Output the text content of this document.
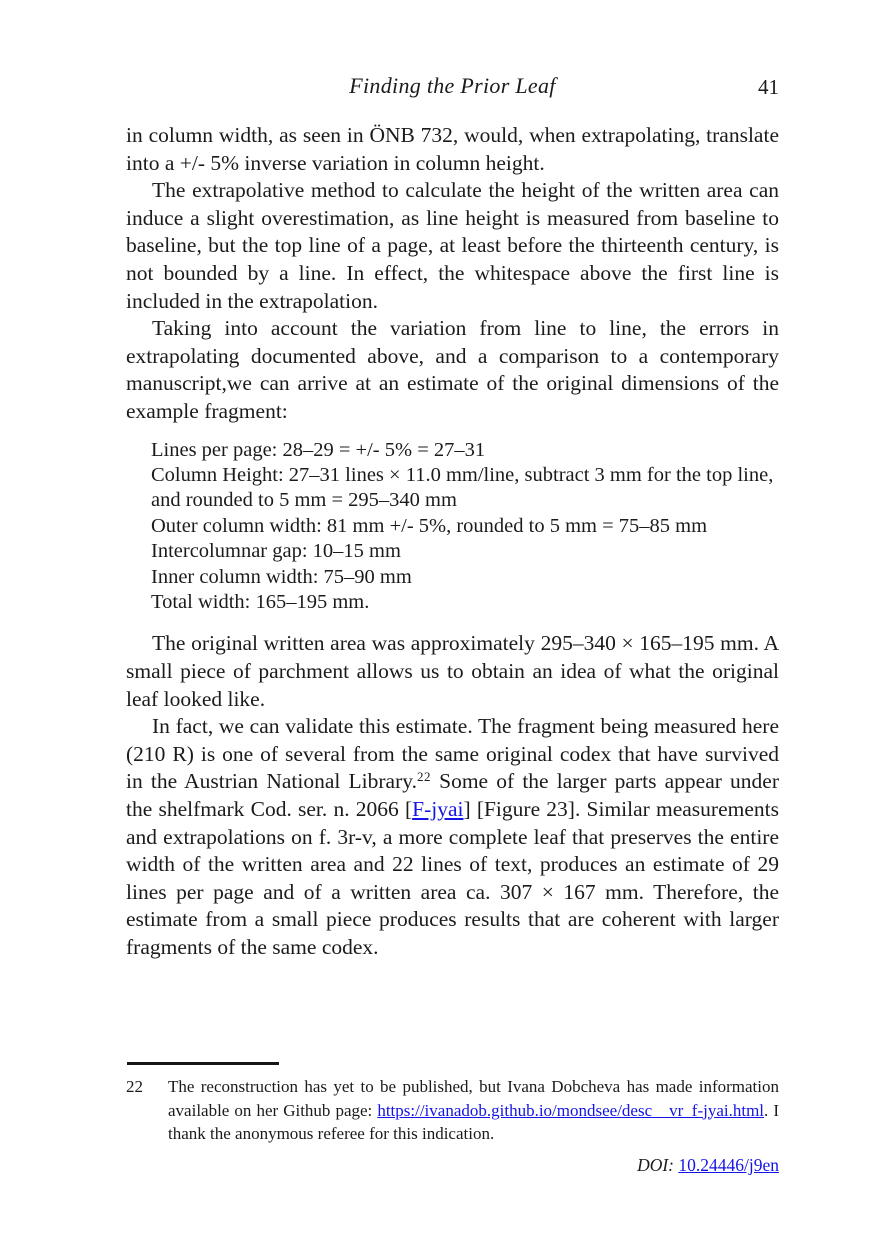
Finding the Prior Leaf	41

in column width, as seen in ÖNB 732, would, when extrapolating, translate into a +/- 5% inverse variation in column height.

The extrapolative method to calculate the height of the written area can induce a slight overestimation, as line height is measured from baseline to baseline, but the top line of a page, at least before the thirteenth century, is not bounded by a line. In effect, the whitespace above the first line is included in the extrapolation.

Taking into account the variation from line to line, the errors in extrapolating documented above, and a comparison to a contemporary manuscript,we can arrive at an estimate of the original dimensions of the example fragment:

Lines per page: 28–29 = +/- 5% = 27–31

Column Height: 27–31 lines × 11.0 mm/line, subtract 3 mm for the top line, and rounded to 5 mm = 295–340 mm

Outer column width: 81 mm +/- 5%, rounded to 5 mm = 75–85 mm

Intercolumnar gap: 10–15 mm

Inner column width: 75–90 mm

Total width: 165–195 mm.

The original written area was approximately 295–340 × 165–195 mm. A small piece of parchment allows us to obtain an idea of what the original leaf looked like.

In fact, we can validate this estimate. The fragment being measured here (210 R) is one of several from the same original codex that have survived in the Austrian National Library.$^{22}$ Some of the larger parts appear under the shelfmark Cod. ser. n. 2066 [F-jyai] [Figure 23]. Similar measurements and extrapolations on f. 3r-v, a more complete leaf that preserves the entire width of the written area and 22 lines of text, produces an estimate of 29 lines per page and of a written area ca. 307 × 167 mm. Therefore, the estimate from a small piece produces results that are coherent with larger fragments of the same codex.

22	The reconstruction has yet to be published, but Ivana Dobcheva has made information available on her Github page: https://ivanadob.github.io/mondsee/desc__vr_f-jyai.html. I thank the anonymous referee for this indication.
DOI: 10.24446/j9en
